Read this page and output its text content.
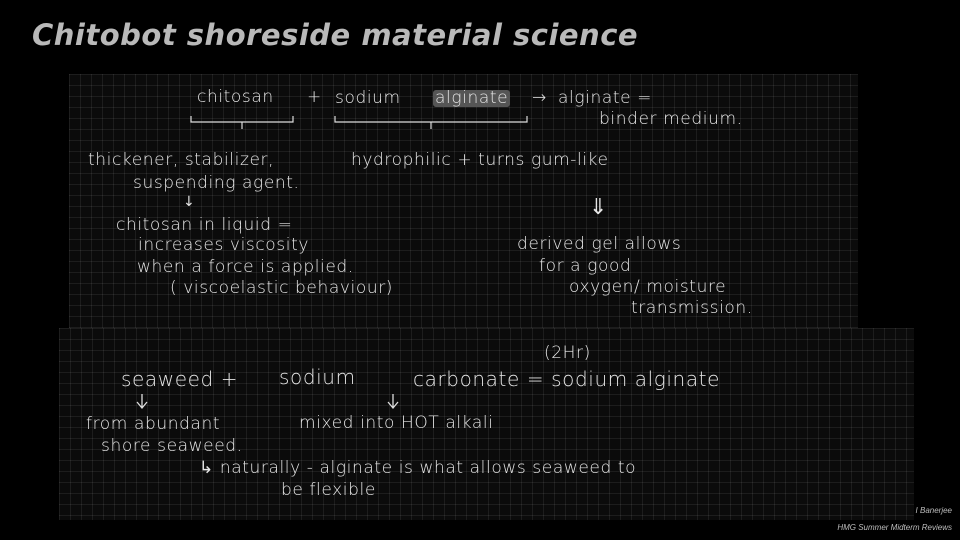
Chitobot shoreside material science
chitosan + sodium alginate → alginate =
binder medium.
thickener, stabilizer,
suspending agent.
↓
chitosan in liquid =
increases viscosity
when a force is applied.
( viscoelastic behaviour)
hydrophilic + turns gum-like
⇓
derived gel allows
for a good
oxygen/ moisture
transmission.
(2Hr)
seaweed + sodium	carbonate = sodium alginate
from abundant
shore seaweed.
mixed into HOT alkali
↳ naturally - alginate is what allows seaweed to
be flexible
I Banerjee
HMG Summer Midterm Reviews
